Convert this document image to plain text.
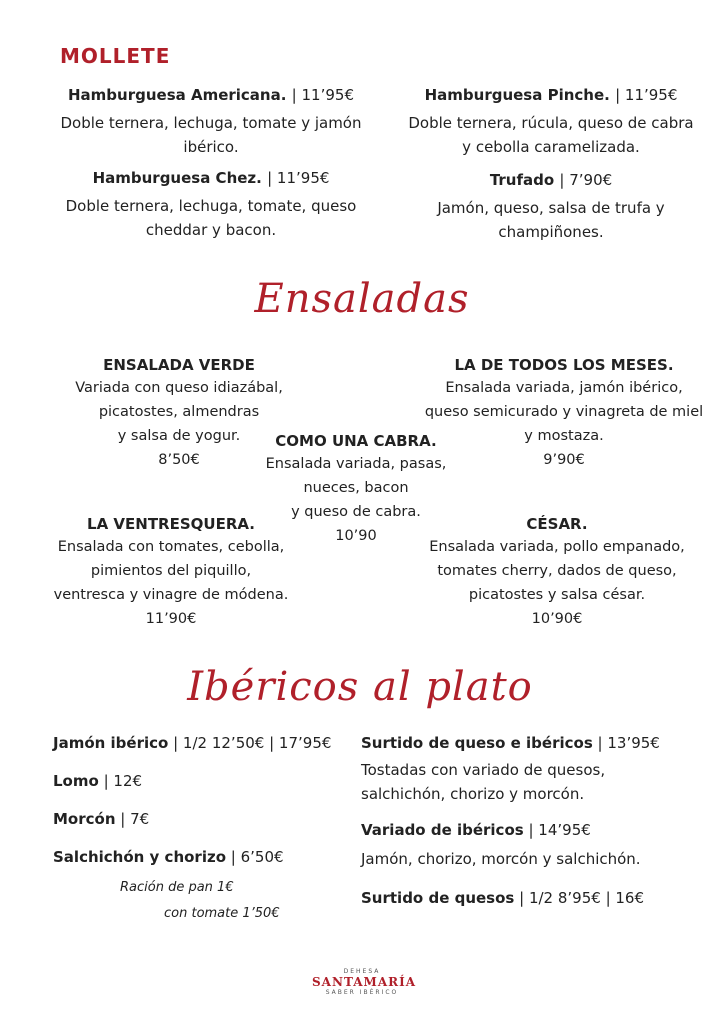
MOLLETE
Hamburguesa Americana. | 11’95€
Doble ternera, lechuga, tomate y jamón
ibérico.
Hamburguesa Pinche. | 11’95€
Doble ternera, rúcula, queso de cabra
y cebolla caramelizada.
Hamburguesa Chez. | 11’95€
Doble ternera, lechuga, tomate, queso
cheddar y bacon.
Trufado | 7’90€
Jamón, queso, salsa de trufa y
champiñones.
Ensaladas
ENSALADA VERDE
Variada con queso idiazábal,
picatostes, almendras
y salsa de yogur.
8’50€
LA DE TODOS LOS MESES.
Ensalada variada, jamón ibérico,
queso semicurado y vinagreta de miel
y mostaza.
9’90€
COMO UNA CABRA.
Ensalada variada, pasas,
nueces, bacon
y queso de cabra.
10’90
LA VENTRESQUERA.
Ensalada con tomates, cebolla,
pimientos del piquillo,
ventresca y vinagre de módena.
11’90€
CÉSAR.
Ensalada variada, pollo empanado,
tomates cherry, dados de queso,
picatostes y salsa césar.
10’90€
Ibéricos al plato
Jamón ibérico | 1/2 12’50€ | 17’95€
Lomo | 12€
Morcón | 7€
Salchichón y chorizo | 6’50€
Ración de pan 1€
con tomate 1’50€
Surtido de queso e ibéricos | 13’95€
Tostadas con variado de quesos,
salchichón, chorizo y morcón.
Variado de ibéricos | 14’95€
Jamón, chorizo, morcón y salchichón.
Surtido de quesos | 1/2 8’95€ | 16€
DEHESA
SANTAMARÍA
SABER IBÉRICO
